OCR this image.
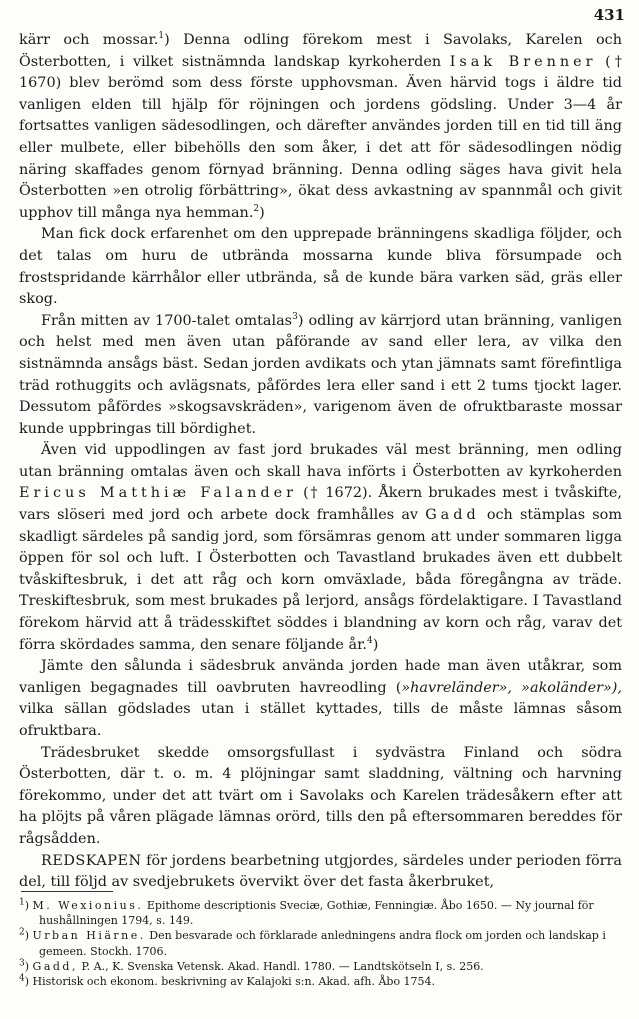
431

kärr och mossar.$^1$) Denna odling förekom mest i Savolaks, Karelen och Österbotten, i vilket sistnämnda landskap kyrkoherden Isak Brenner († 1670) blev berömd som dess förste upphovsman. Även härvid togs i äldre tid vanligen elden till hjälp för röjningen och jordens gödsling. Under 3—4 år fortsattes vanligen sädesodlingen, och därefter användes jorden till en tid till äng eller mulbete, eller bibehölls den som åker, i det att för sädesodlingen nödig näring skaffades genom förnyad bränning. Denna odling säges hava givit hela Österbotten »en otrolig förbättring», ökat dess avkastning av spannmål och givit upphov till många nya hemman.$^2$)

Man fick dock erfarenhet om den upprepade bränningens skadliga följder, och det talas om huru de utbrända mossarna kunde bliva försumpade och frostspridande kärrhålor eller utbrända, så de kunde bära varken säd, gräs eller skog.

Från mitten av 1700-talet omtalas$^3$) odling av kärrjord utan bränning, vanligen och helst med men även utan påförande av sand eller lera, av vilka den sistnämnda ansågs bäst. Sedan jorden avdikats och ytan jämnats samt förefintliga träd rothuggits och avlägsnats, påfördes lera eller sand i ett 2 tums tjockt lager. Dessutom påfördes »skogsavskräden», varigenom även de ofruktbaraste mossar kunde uppbringas till bördighet.

Även vid uppodlingen av fast jord brukades väl mest bränning, men odling utan bränning omtalas även och skall hava införts i Österbotten av kyrkoherden Ericus Matthiæ Falander († 1672). Åkern brukades mest i tvåskifte, vars slöseri med jord och arbete dock framhålles av Gadd och stämplas som skadligt särdeles på sandig jord, som försämras genom att under sommaren ligga öppen för sol och luft. I Österbotten och Tavastland brukades även ett dubbelt tvåskiftesbruk, i det att råg och korn omväxlade, båda föregångna av träde. Treskiftesbruk, som mest brukades på lerjord, ansågs fördelaktigare. I Tavastland förekom härvid att å trädesskiftet söddes i blandning av korn och råg, varav det förra skördades samma, den senare följande år.$^4$)

Jämte den sålunda i sädesbruk använda jorden hade man även utåkrar, som vanligen begagnades till oavbruten havreodling (»havreländer», »akoländer»), vilka sällan gödslades utan i stället kyttades, tills de måste lämnas såsom ofruktbara.

Trädesbruket skedde omsorgsfullast i sydvästra Finland och södra Österbotten, där t. o. m. 4 plöjningar samt sladdning, vältning och harvning förekommo, under det att tvärt om i Savolaks och Karelen trädesåkern efter att ha plöjts på våren plägade lämnas orörd, tills den på eftersommaren bereddes för rågsådden.

REDSKAPEN för jordens bearbetning utgjordes, särdeles under perioden förra del, till följd av svedjebrukets övervikt över det fasta åkerbruket,

$^1$) M. Wexionius. Epithome descriptionis Sveciæ, Gothiæ, Fenningiæ. Åbo 1650. — Ny journal för hushållningen 1794, s. 149.

$^2$) Urban Hiärne. Den besvarade och förklarade anledningens andra flock om jorden och landskap i gemeen. Stockh. 1706.

$^3$) Gadd, P. A., K. Svenska Vetensk. Akad. Handl. 1780. — Landtskötseln I, s. 256.

$^4$) Historisk och ekonom. beskrivning av Kalajoki s:n. Akad. afh. Åbo 1754.
